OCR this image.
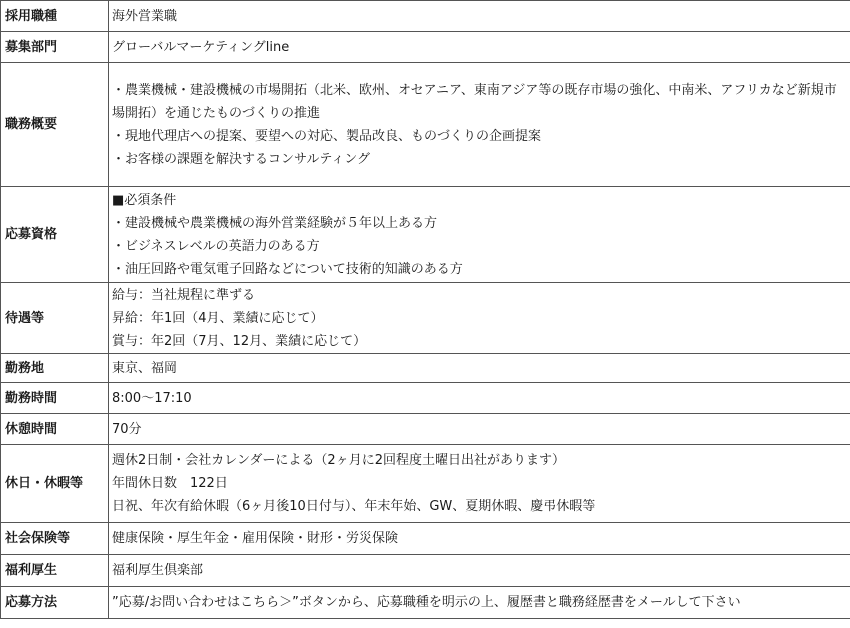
採用職種	海外営業職

募集部門	グローバルマーケティングline

職務概要	・農業機械・建設機械の市場開拓（北米、欧州、オセアニア、東南アジア等の既存市場の強化、中南米、アフリカなど新規市場開拓）を通じたものづくりの推進
・現地代理店への提案、要望への対応、製品改良、ものづくりの企画提案
・お客様の課題を解決するコンサルティング

応募資格	■必須条件
・建設機械や農業機械の海外営業経験が５年以上ある方
・ビジネスレベルの英語力のある方
・油圧回路や電気電子回路などについて技術的知識のある方

待遇等	給与：当社規程に準ずる
昇給：年1回（4月、業績に応じて）
賞与：年2回（7月、12月、業績に応じて）

勤務地	東京、福岡

勤務時間	8:00～17:10

休憩時間	70分

休日・休暇等	週休2日制・会社カレンダーによる（2ヶ月に2回程度土曜日出社があります）
年間休日数　122日
日祝、年次有給休暇（6ヶ月後10日付与）、年末年始、GW、夏期休暇、慶弔休暇等

社会保険等	健康保険・厚生年金・雇用保険・財形・労災保険

福利厚生	福利厚生倶楽部

応募方法	”応募/お問い合わせはこちら＞”ボタンから、応募職種を明示の上、履歴書と職務経歴書をメールして下さい
